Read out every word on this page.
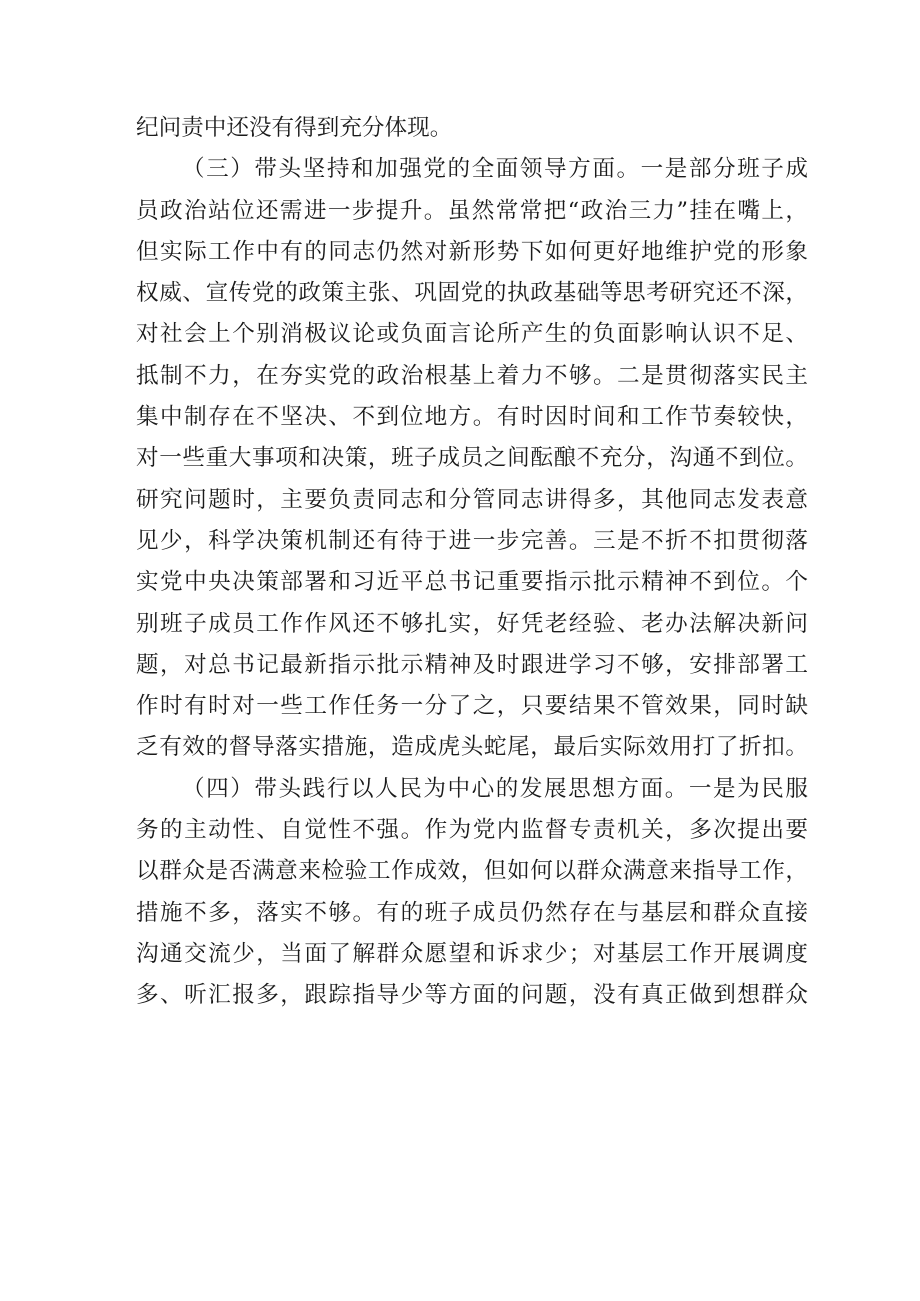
纪问责中还没有得到充分体现。
（三）带头坚持和加强党的全面领导方面。一是部分班子成
员政治站位还需进一步提升。虽然常常把“政治三力”挂在嘴上，
但实际工作中有的同志仍然对新形势下如何更好地维护党的形象
权威、宣传党的政策主张、巩固党的执政基础等思考研究还不深，
对社会上个别消极议论或负面言论所产生的负面影响认识不足、
抵制不力，在夯实党的政治根基上着力不够。二是贯彻落实民主
集中制存在不坚决、不到位地方。有时因时间和工作节奏较快，
对一些重大事项和决策，班子成员之间酝酿不充分，沟通不到位。
研究问题时，主要负责同志和分管同志讲得多，其他同志发表意
见少，科学决策机制还有待于进一步完善。三是不折不扣贯彻落
实党中央决策部署和习近平总书记重要指示批示精神不到位。个
别班子成员工作作风还不够扎实，好凭老经验、老办法解决新问
题，对总书记最新指示批示精神及时跟进学习不够，安排部署工
作时有时对一些工作任务一分了之，只要结果不管效果，同时缺
乏有效的督导落实措施，造成虎头蛇尾，最后实际效用打了折扣。
（四）带头践行以人民为中心的发展思想方面。一是为民服
务的主动性、自觉性不强。作为党内监督专责机关，多次提出要
以群众是否满意来检验工作成效，但如何以群众满意来指导工作，
措施不多，落实不够。有的班子成员仍然存在与基层和群众直接
沟通交流少，当面了解群众愿望和诉求少；对基层工作开展调度
多、听汇报多，跟踪指导少等方面的问题，没有真正做到想群众
